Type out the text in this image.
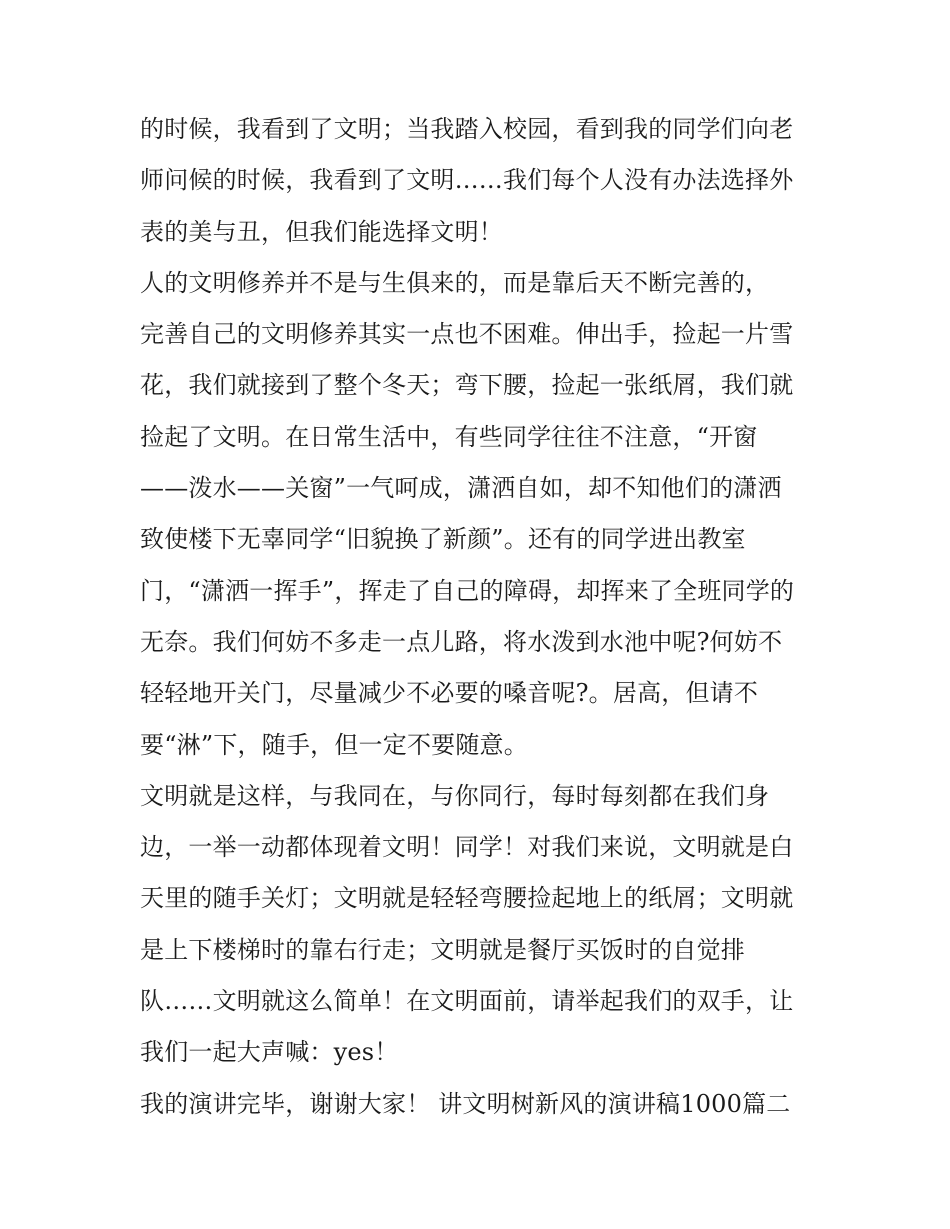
的时候，我看到了文明；当我踏入校园，看到我的同学们向老
师问候的时候，我看到了文明……我们每个人没有办法选择外
表的美与丑，但我们能选择文明！
人的文明修养并不是与生俱来的，而是靠后天不断完善的，
完善自己的文明修养其实一点也不困难。伸出手，捡起一片雪
花，我们就接到了整个冬天；弯下腰，捡起一张纸屑，我们就
捡起了文明。在日常生活中，有些同学往往不注意，“开窗
——泼水——关窗”一气呵成，潇洒自如，却不知他们的潇洒
致使楼下无辜同学“旧貌换了新颜”。还有的同学进出教室
门，“潇洒一挥手”，挥走了自己的障碍，却挥来了全班同学的
无奈。我们何妨不多走一点儿路，将水泼到水池中呢?何妨不
轻轻地开关门，尽量减少不必要的嗓音呢?。居高，但请不
要“淋”下，随手，但一定不要随意。
文明就是这样，与我同在，与你同行，每时每刻都在我们身
边，一举一动都体现着文明！同学！对我们来说，文明就是白
天里的随手关灯；文明就是轻轻弯腰捡起地上的纸屑；文明就
是上下楼梯时的靠右行走；文明就是餐厅买饭时的自觉排
队……文明就这么简单！在文明面前，请举起我们的双手，让
我们一起大声喊：yes！
我的演讲完毕，谢谢大家！ 讲文明树新风的演讲稿1000篇二
